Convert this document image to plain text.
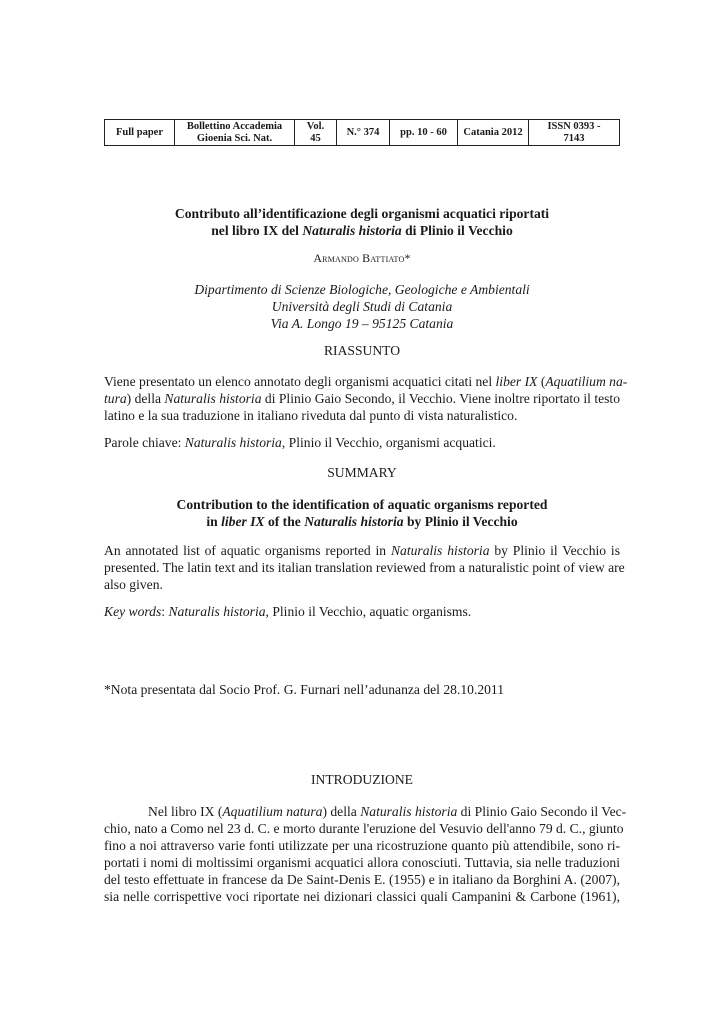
Full paper
Bollettino Accademia
Gioenia Sci. Nat.
Vol.
45
N.° 374 pp. 10 - 60 Catania 2012
ISSN 0393 -
7143
Contributo all’identificazione degli organismi acquatici riportati
nel libro IX del Naturalis historia di Plinio il Vecchio
Armando Battiato*
Dipartimento di Scienze Biologiche, Geologiche e Ambientali
Università degli Studi di Catania
Via A. Longo 19 – 95125 Catania
RIASSUNTO
Viene presentato un elenco annotato degli organismi acquatici citati nel liber IX (Aquatilium na-
tura) della Naturalis historia di Plinio Gaio Secondo, il Vecchio. Viene inoltre riportato il testo
latino e la sua traduzione in italiano riveduta dal punto di vista naturalistico.
Parole chiave: Naturalis historia, Plinio il Vecchio, organismi acquatici.
SUMMARY
Contribution to the identification of aquatic organisms reported
in liber IX of the Naturalis historia by Plinio il Vecchio
An annotated list of aquatic organisms reported in Naturalis historia by Plinio il Vecchio is
presented. The latin text and its italian translation reviewed from a naturalistic point of view are
also given.
Key words: Naturalis historia, Plinio il Vecchio, aquatic organisms.
*Nota presentata dal Socio Prof. G. Furnari nell’adunanza del 28.10.2011
INTRODUZIONE
Nel libro IX (Aquatilium natura) della Naturalis historia di Plinio Gaio Secondo il Vec-
chio, nato a Como nel 23 d. C. e morto durante l'eruzione del Vesuvio dell'anno 79 d. C., giunto
fino a noi attraverso varie fonti utilizzate per una ricostruzione quanto più attendibile, sono ri-
portati i nomi di moltissimi organismi acquatici allora conosciuti. Tuttavia, sia nelle traduzioni
del testo effettuate in francese da De Saint-Denis E. (1955) e in italiano da Borghini A. (2007),
sia nelle corrispettive voci riportate nei dizionari classici quali Campanini & Carbone (1961),
